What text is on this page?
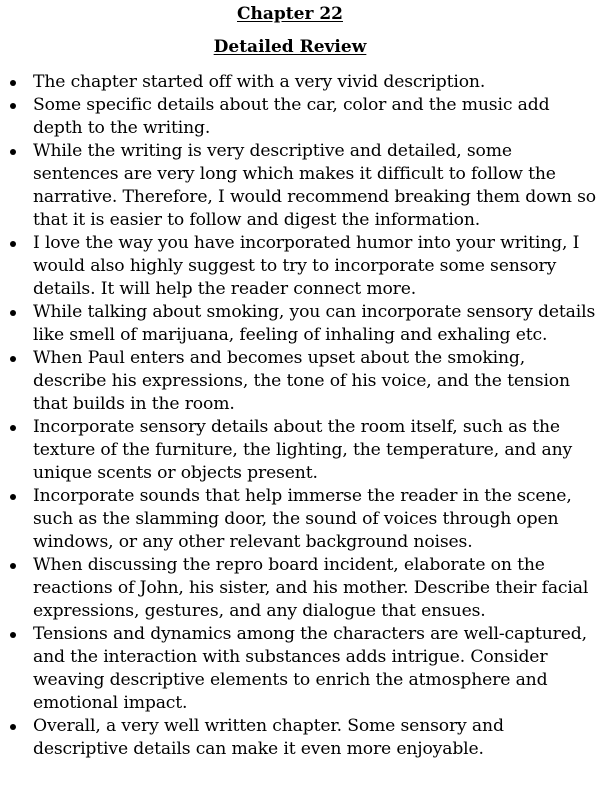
Chapter 22
Detailed Review
The chapter started off with a very vivid description.
Some specific details about the car, color and the music add depth to the writing.
While the writing is very descriptive and detailed, some sentences are very long which makes it difficult to follow the narrative. Therefore, I would recommend breaking them down so that it is easier to follow and digest the information.
I love the way you have incorporated humor into your writing, I would also highly suggest to try to incorporate some sensory details. It will help the reader connect more.
While talking about smoking, you can incorporate sensory details like smell of marijuana, feeling of inhaling and exhaling etc.
When Paul enters and becomes upset about the smoking, describe his expressions, the tone of his voice, and the tension that builds in the room.
Incorporate sensory details about the room itself, such as the texture of the furniture, the lighting, the temperature, and any unique scents or objects present.
Incorporate sounds that help immerse the reader in the scene, such as the slamming door, the sound of voices through open windows, or any other relevant background noises.
When discussing the repro board incident, elaborate on the reactions of John, his sister, and his mother. Describe their facial expressions, gestures, and any dialogue that ensues.
Tensions and dynamics among the characters are well-captured, and the interaction with substances adds intrigue. Consider weaving descriptive elements to enrich the atmosphere and emotional impact.
Overall, a very well written chapter. Some sensory and descriptive details can make it even more enjoyable.
